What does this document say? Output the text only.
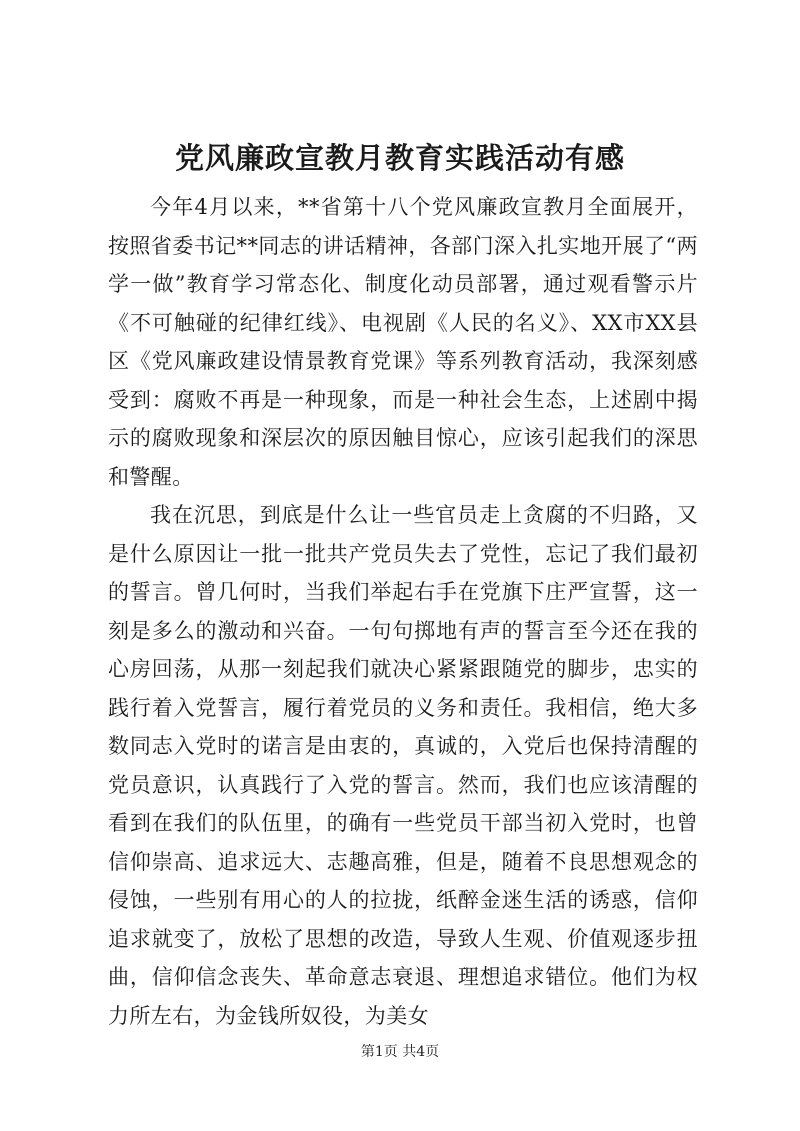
党风廉政宣教月教育实践活动有感

今年4月以来，**省第十八个党风廉政宣教月全面展开，按照省委书记**同志的讲话精神，各部门深入扎实地开展了“两学一做”教育学习常态化、制度化动员部署，通过观看警示片《不可触碰的纪律红线》、电视剧《人民的名义》、XX市XX县区《党风廉政建设情景教育党课》等系列教育活动，我深刻感受到：腐败不再是一种现象，而是一种社会生态，上述剧中揭示的腐败现象和深层次的原因触目惊心，应该引起我们的深思和警醒。

我在沉思，到底是什么让一些官员走上贪腐的不归路，又是什么原因让一批一批共产党员失去了党性，忘记了我们最初的誓言。曾几何时，当我们举起右手在党旗下庄严宣誓，这一刻是多么的激动和兴奋。一句句掷地有声的誓言至今还在我的心房回荡，从那一刻起我们就决心紧紧跟随党的脚步，忠实的践行着入党誓言，履行着党员的义务和责任。我相信，绝大多数同志入党时的诺言是由衷的，真诚的，入党后也保持清醒的党员意识，认真践行了入党的誓言。然而，我们也应该清醒的看到在我们的队伍里，的确有一些党员干部当初入党时，也曾信仰崇高、追求远大、志趣高雅，但是，随着不良思想观念的侵蚀，一些别有用心的人的拉拢，纸醉金迷生活的诱惑，信仰追求就变了，放松了思想的改造，导致人生观、价值观逐步扭曲，信仰信念丧失、革命意志衰退、理想追求错位。他们为权力所左右，为金钱所奴役，为美女

第1页 共4页
